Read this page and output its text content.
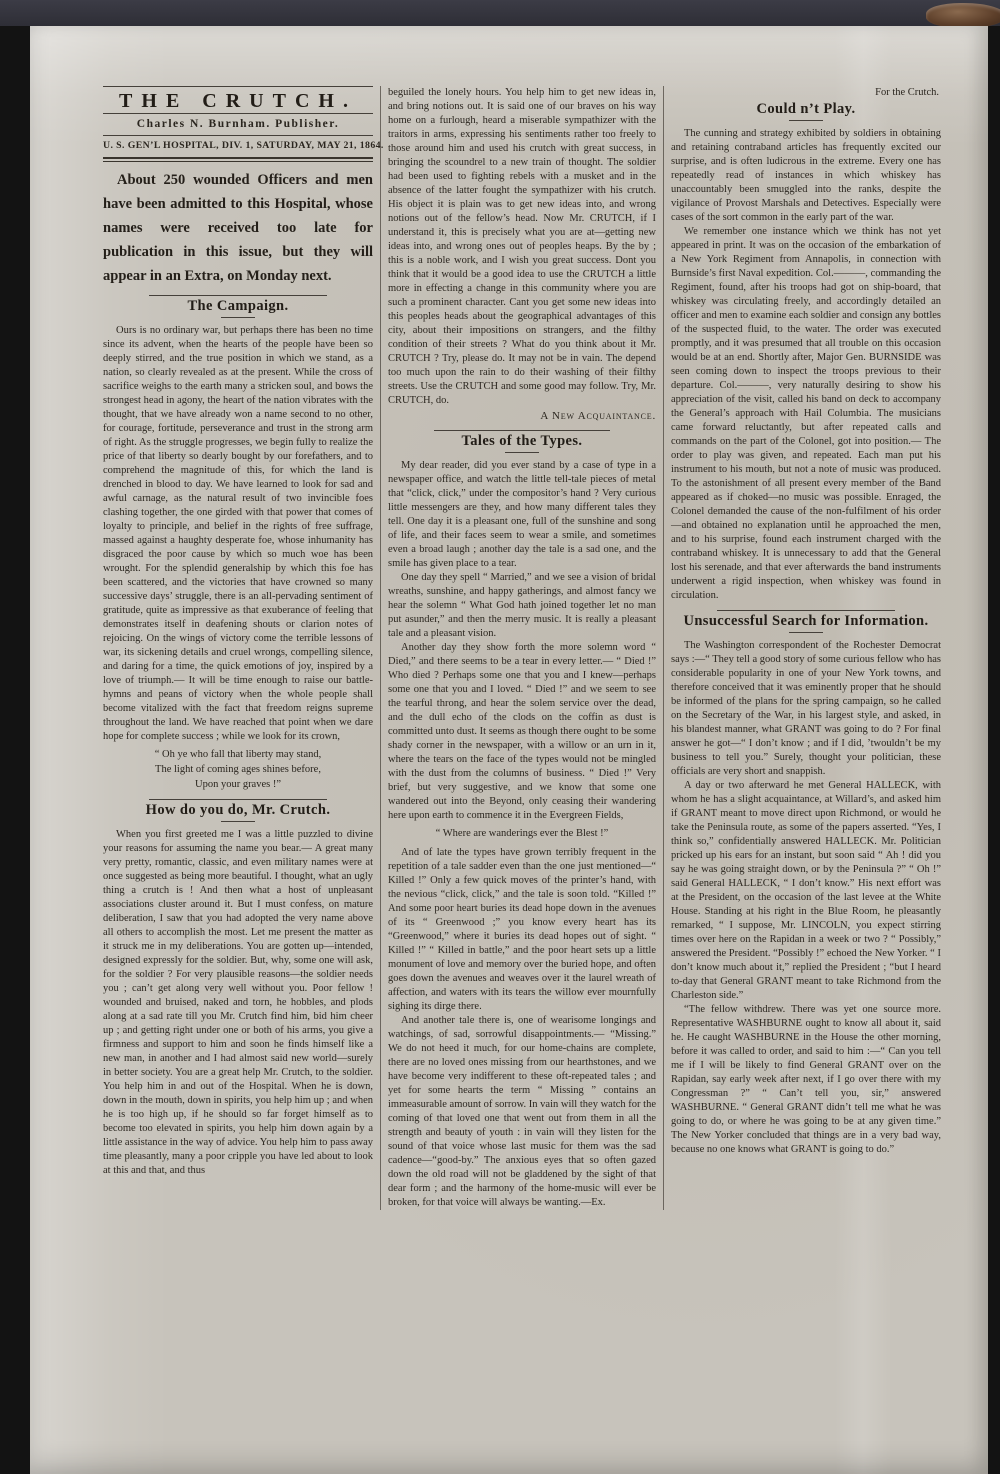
THE CRUTCH.
Charles N. Burnham. Publisher.
U. S. GEN’L HOSPITAL, DIV. 1, SATURDAY, MAY 21, 1864.
About 250 wounded Officers and men have been admitted to this Hospital, whose names were received too late for publication in this issue, but they will appear in an Extra, on Monday next.
The Campaign.

Ours is no ordinary war, but perhaps there has been no time since its advent, when the hearts of the people have been so deeply stirred, and the true position in which we stand, as a nation, so clearly revealed as at the present. While the cross of sacrifice weighs to the earth many a stricken soul, and bows the strongest head in agony, the heart of the nation vibrates with the thought, that we have already won a name second to no other, for courage, fortitude, perseverance and trust in the strong arm of right. As the struggle progresses, we begin fully to realize the price of that liberty so dearly bought by our forefathers, and to comprehend the magnitude of this, for which the land is drenched in blood to day. We have learned to look for sad and awful carnage, as the natural result of two invincible foes clashing together, the one girded with that power that comes of loyalty to principle, and belief in the rights of free suffrage, massed against a haughty desperate foe, whose inhumanity has disgraced the poor cause by which so much woe has been wrought. For the splendid generalship by which this foe has been scattered, and the victories that have crowned so many successive days’ struggle, there is an all-pervading sentiment of gratitude, quite as impressive as that exuberance of feeling that demonstrates itself in deafening shouts or clarion notes of rejoicing. On the wings of victory come the terrible lessons of war, its sickening details and cruel wrongs, compelling silence, and daring for a time, the quick emotions of joy, inspired by a love of triumph.— It will be time enough to raise our battle-hymns and peans of victory when the whole people shall become vitalized with the fact that freedom reigns supreme throughout the land. We have reached that point when we dare hope for complete success ; while we look for its crown,

“ Oh ye who fall that liberty may stand,

The light of coming ages shines before,

Upon your graves !”

How do you do, Mr. Crutch.

When you first greeted me I was a little puzzled to divine your reasons for assuming the name you bear.— A great many very pretty, romantic, classic, and even military names were at once suggested as being more beautiful. I thought, what an ugly thing a crutch is ! And then what a host of unpleasant associations cluster around it. But I must confess, on mature deliberation, I saw that you had adopted the very name above all others to accomplish the most. Let me present the matter as it struck me in my deliberations. You are gotten up—intended, designed expressly for the soldier. But, why, some one will ask, for the soldier ? For very plausible reasons—the soldier needs you ; can’t get along very well without you. Poor fellow ! wounded and bruised, naked and torn, he hobbles, and plods along at a sad rate till you Mr. Crutch find him, bid him cheer up ; and getting right under one or both of his arms, you give a firmness and support to him and soon he finds himself like a new man, in another and I had almost said new world—surely in better society. You are a great help Mr. Crutch, to the soldier. You help him in and out of the Hospital. When he is down, down in the mouth, down in spirits, you help him up ; and when he is too high up, if he should so far forget himself as to become too elevated in spirits, you help him down again by a little assistance in the way of advice. You help him to pass away time pleasantly, many a poor cripple you have led about to look at this and that, and thus

beguiled the lonely hours. You help him to get new ideas in, and bring notions out. It is said one of our braves on his way home on a furlough, heard a miserable sympathizer with the traitors in arms, expressing his sentiments rather too freely to those around him and used his crutch with great success, in bringing the scoundrel to a new train of thought. The soldier had been used to fighting rebels with a musket and in the absence of the latter fought the sympathizer with his crutch. His object it is plain was to get new ideas into, and wrong notions out of the fellow’s head. Now Mr. CRUTCH, if I understand it, this is precisely what you are at—getting new ideas into, and wrong ones out of peoples heaps. By the by ; this is a noble work, and I wish you great success. Dont you think that it would be a good idea to use the CRUTCH a little more in effecting a change in this community where you are such a prominent character. Cant you get some new ideas into this peoples heads about the geographical advantages of this city, about their impositions on strangers, and the filthy condition of their streets ? What do you think about it Mr. CRUTCH ? Try, please do. It may not be in vain. The depend too much upon the rain to do their washing of their filthy streets. Use the CRUTCH and some good may follow. Try, Mr. CRUTCH, do.

A New Acquaintance.
Tales of the Types.

My dear reader, did you ever stand by a case of type in a newspaper office, and watch the little tell-tale pieces of metal that “click, click,” under the compositor’s hand ? Very curious little messengers are they, and how many different tales they tell. One day it is a pleasant one, full of the sunshine and song of life, and their faces seem to wear a smile, and sometimes even a broad laugh ; another day the tale is a sad one, and the smile has given place to a tear.

One day they spell “ Married,” and we see a vision of bridal wreaths, sunshine, and happy gatherings, and almost fancy we hear the solemn “ What God hath joined together let no man put asunder,” and then the merry music. It is really a pleasant tale and a pleasant vision.

Another day they show forth the more solemn word “ Died,” and there seems to be a tear in every letter.— “ Died !” Who died ? Perhaps some one that you and I knew—perhaps some one that you and I loved. “ Died !” and we seem to see the tearful throng, and hear the solem service over the dead, and the dull echo of the clods on the coffin as dust is committed unto dust. It seems as though there ought to be some shady corner in the newspaper, with a willow or an urn in it, where the tears on the face of the types would not be mingled with the dust from the columns of business. “ Died !” Very brief, but very suggestive, and we know that some one wandered out into the Beyond, only ceasing their wandering here upon earth to commence it in the Evergreen Fields,

“ Where are wanderings ever the Blest !”

And of late the types have grown terribly frequent in the repetition of a tale sadder even than the one just mentioned—“ Killed !” Only a few quick moves of the printer’s hand, with the nevious “click, click,” and the tale is soon told. “Killed !” And some poor heart buries its dead hope down in the avenues of its “ Greenwood ;” you know every heart has its “Greenwood,” where it buries its dead hopes out of sight. “ Killed !” “ Killed in battle,” and the poor heart sets up a little monument of love and memory over the buried hope, and often goes down the avenues and weaves over it the laurel wreath of affection, and waters with its tears the willow ever mournfully sighing its dirge there.

And another tale there is, one of wearisome longings and watchings, of sad, sorrowful disappointments.— “Missing.” We do not heed it much, for our home-chains are complete, there are no loved ones missing from our hearthstones, and we have become very indifferent to these oft-repeated tales ; and yet for some hearts the term “ Missing ” contains an immeasurable amount of sorrow. In vain will they watch for the coming of that loved one that went out from them in all the strength and beauty of youth : in vain will they listen for the sound of that voice whose last music for them was the sad cadence—“good-by.” The anxious eyes that so often gazed down the old road will not be gladdened by the sight of that dear form ; and the harmony of the home-music will ever be broken, for that voice will always be wanting.—Ex.

For the Crutch.
Could n’t Play.

The cunning and strategy exhibited by soldiers in obtaining and retaining contraband articles has frequently excited our surprise, and is often ludicrous in the extreme. Every one has repeatedly read of instances in which whiskey has unaccountably been smuggled into the ranks, despite the vigilance of Provost Marshals and Detectives. Especially were cases of the sort common in the early part of the war.

We remember one instance which we think has not yet appeared in print. It was on the occasion of the embarkation of a New York Regiment from Annapolis, in connection with Burnside’s first Naval expedition. Col.———, commanding the Regiment, found, after his troops had got on ship-board, that whiskey was circulating freely, and accordingly detailed an officer and men to examine each soldier and consign any bottles of the suspected fluid, to the water. The order was executed promptly, and it was presumed that all trouble on this occasion would be at an end. Shortly after, Major Gen. BURNSIDE was seen coming down to inspect the troops previous to their departure. Col.———, very naturally desiring to show his appreciation of the visit, called his band on deck to accompany the General’s approach with Hail Columbia. The musicians came forward reluctantly, but after repeated calls and commands on the part of the Colonel, got into position.— The order to play was given, and repeated. Each man put his instrument to his mouth, but not a note of music was produced. To the astonishment of all present every member of the Band appeared as if choked—no music was possible. Enraged, the Colonel demanded the cause of the non-fulfilment of his order—and obtained no explanation until he approached the men, and to his surprise, found each instrument charged with the contraband whiskey. It is unnecessary to add that the General lost his serenade, and that ever afterwards the band instruments underwent a rigid inspection, when whiskey was found in circulation.

Unsuccessful Search for Information.

The Washington correspondent of the Rochester Democrat says :—“ They tell a good story of some curious fellow who has considerable popularity in one of your New York towns, and therefore conceived that it was eminently proper that he should be informed of the plans for the spring campaign, so he called on the Secretary of the War, in his largest style, and asked, in his blandest manner, what GRANT was going to do ? For final answer he got—“ I don’t know ; and if I did, ’twouldn’t be my business to tell you.” Surely, thought your politician, these officials are very short and snappish.

A day or two afterward he met General HALLECK, with whom he has a slight acquaintance, at Willard’s, and asked him if GRANT meant to move direct upon Richmond, or would he take the Peninsula route, as some of the papers asserted. “Yes, I think so,” confidentially answered HALLECK. Mr. Politician pricked up his ears for an instant, but soon said “ Ah ! did you say he was going straight down, or by the Peninsula ?” “ Oh !” said General HALLECK, “ I don’t know.” His next effort was at the President, on the occasion of the last levee at the White House. Standing at his right in the Blue Room, he pleasantly remarked, “ I suppose, Mr. LINCOLN, you expect stirring times over here on the Rapidan in a week or two ? “ Possibly,” answered the President. “Possibly !” echoed the New Yorker. “ I don’t know much about it,” replied the President ; “but I heard to-day that General GRANT meant to take Richmond from the Charleston side.”

“The fellow withdrew. There was yet one source more. Representative WASHBURNE ought to know all about it, said he. He caught WASHBURNE in the House the other morning, before it was called to order, and said to him :—“ Can you tell me if I will be likely to find General GRANT over on the Rapidan, say early week after next, if I go over there with my Congressman ?” “ Can’t tell you, sir,” answered WASHBURNE. “ General GRANT didn’t tell me what he was going to do, or where he was going to be at any given time.” The New Yorker concluded that things are in a very bad way, because no one knows what GRANT is going to do.”
